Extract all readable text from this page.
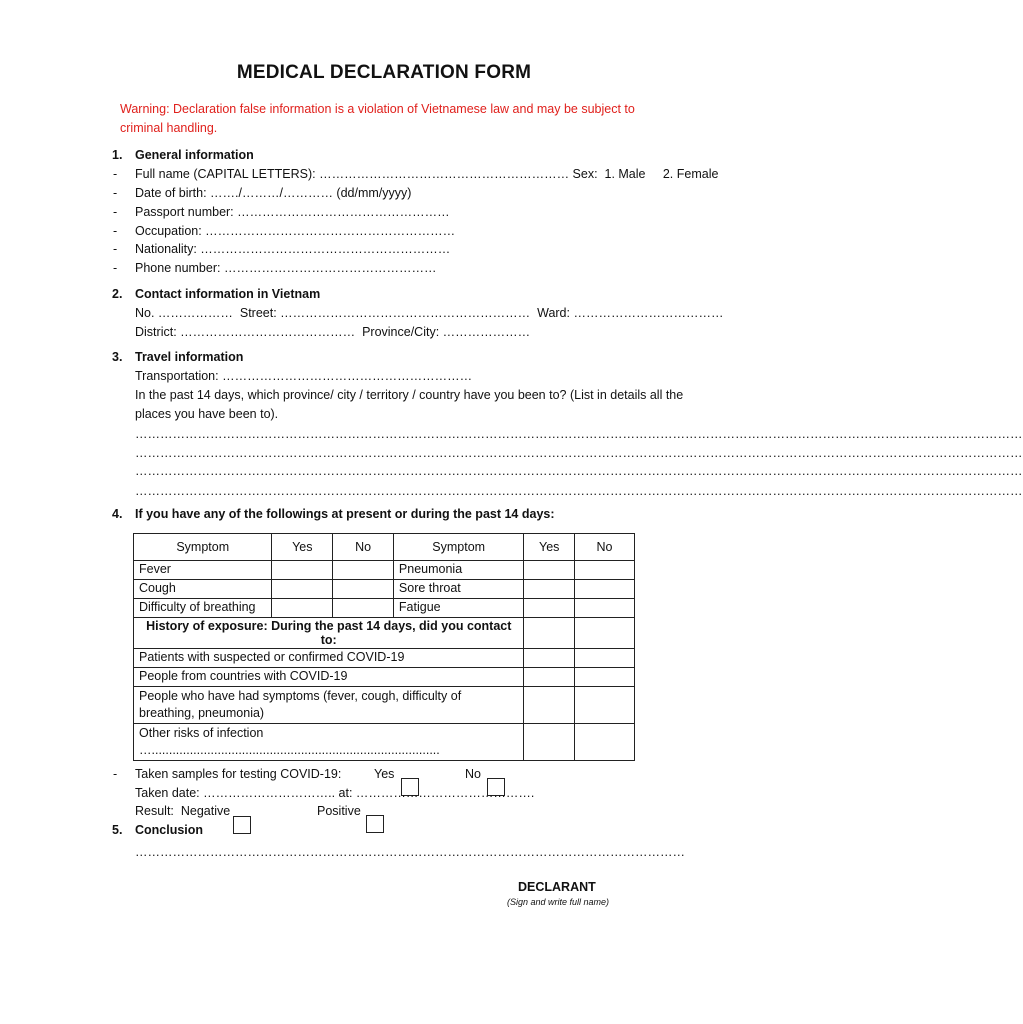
MEDICAL DECLARATION FORM
Warning: Declaration false information is a violation of Vietnamese law and may be subject to criminal handling.
1. General information
- Full name (CAPITAL LETTERS): …………………………………………………… Sex:  1. Male     2. Female
- Date of birth: ……./………/………… (dd/mm/yyyy)
- Passport number: ……………………………………………
- Occupation: ……………………………………………………
- Nationality: ……………………………………………………
- Phone number: ……………………………………………
2. Contact information in Vietnam
No. ………………  Street: ……………………………………………………  Ward: ………………………………
District: ……………………………………  Province/City: …………………
3. Travel information
Transportation: ……………………………………………………
In the past 14 days, which province/ city / territory / country have you been to? (List in details all the places you have been to).
……………………………………………………………………………………………………………………………………………………………………………………………
……………………………………………………………………………………………………………………………………………………………………………………………
……………………………………………………………………………………………………………………………………………………………………………………………
……………………………………………………………………………………………………………………………………………………………………………………………
4. If you have any of the followings at present or during the past 14 days:
Symptom	Yes	No	Symptom	Yes	No
Fever			Pneumonia		
Cough			Sore throat		
Difficulty of breathing			Fatigue		
History of exposure: During the past 14 days, did you contact to:					
Patients with suspected or confirmed COVID-19					
People from countries with COVID-19					
People who have had symptoms (fever, cough, difficulty of breathing, pneumonia)					

Other risks of infection
…...................................................................................					

- Taken samples for testing COVID-19:	Yes	No
Taken date: ………………………….. at: …………………………………….
Result:  Negative	Positive
5. Conclusion
……………………………………………………………………………………………………………………
DECLARANT
(Sign and write full name)
